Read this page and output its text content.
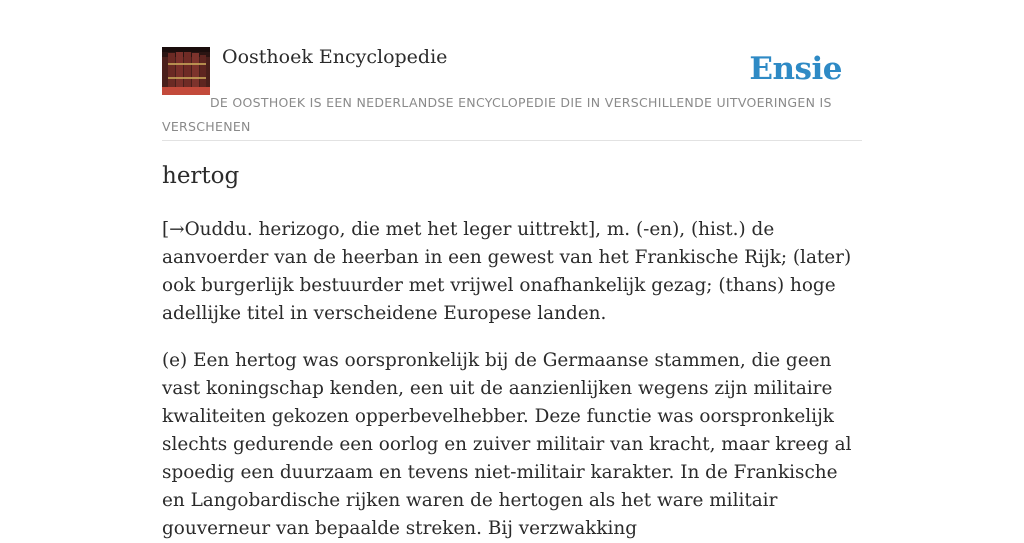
Oosthoek Encyclopedie	Ensie
DE OOSTHOEK IS EEN NEDERLANDSE ENCYCLOPEDIE DIE IN VERSCHILLENDE UITVOERINGEN IS VERSCHENEN
hertog

[→Ouddu. herizogo, die met het leger uittrekt], m. (-en), (hist.) de aanvoerder van de heerban in een gewest van het Frankische Rijk; (later) ook burgerlijk bestuurder met vrijwel onafhankelijk gezag; (thans) hoge adellijke titel in verscheidene Europese landen.

(e) Een hertog was oorspronkelijk bij de Germaanse stammen, die geen vast koningschap kenden, een uit de aanzienlijken wegens zijn militaire kwaliteiten gekozen opperbevelhebber. Deze functie was oorspronkelijk slechts gedurende een oorlog en zuiver militair van kracht, maar kreeg al spoedig een duurzaam en tevens niet-militair karakter. In de Frankische en Langobardische rijken waren de hertogen als het ware militair gouverneur van bepaalde streken. Bij verzwakking
